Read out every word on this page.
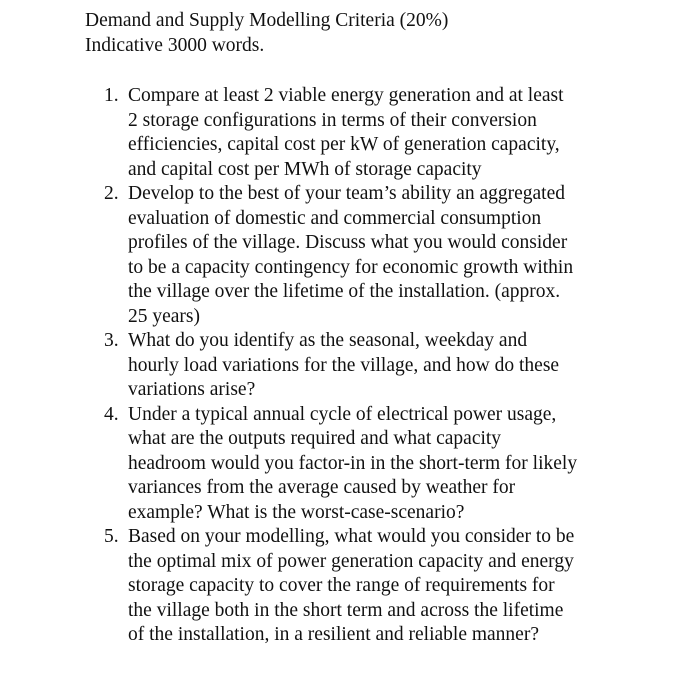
Demand and Supply Modelling Criteria (20%)
Indicative 3000 words.
1. Compare at least 2 viable energy generation and at least
2 storage configurations in terms of their conversion
efficiencies, capital cost per kW of generation capacity,
and capital cost per MWh of storage capacity
2. Develop to the best of your team’s ability an aggregated
evaluation of domestic and commercial consumption
profiles of the village. Discuss what you would consider
to be a capacity contingency for economic growth within
the village over the lifetime of the installation. (approx.
25 years)
3. What do you identify as the seasonal, weekday and
hourly load variations for the village, and how do these
variations arise?
4. Under a typical annual cycle of electrical power usage,
what are the outputs required and what capacity
headroom would you factor-in in the short-term for likely
variances from the average caused by weather for
example? What is the worst-case-scenario?
5. Based on your modelling, what would you consider to be
the optimal mix of power generation capacity and energy
storage capacity to cover the range of requirements for
the village both in the short term and across the lifetime
of the installation, in a resilient and reliable manner?
